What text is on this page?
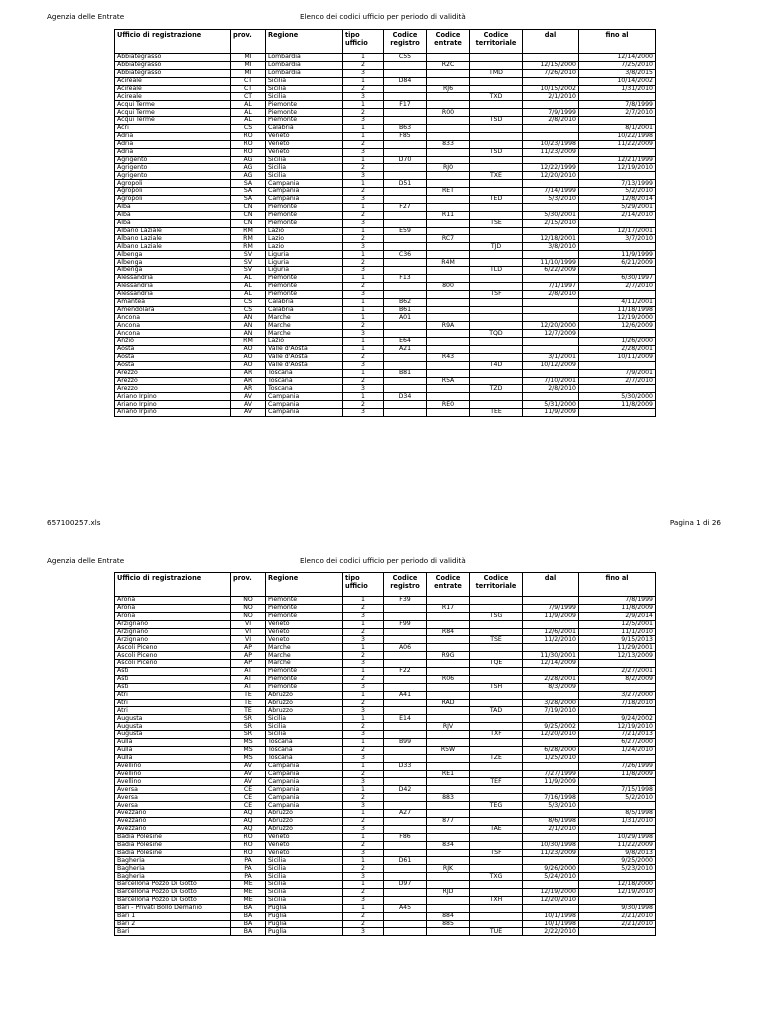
Agenzia delle Entrate	Elenco dei codici ufficio per periodo di validità
Ufficio di registrazione	prov.	Regione	tipo ufficio	Codice registro	Codice entrate	Codice territoriale	dal	fino al
Abbiategrasso	MI	Lombardia	1	C55				12/14/2000
Abbiategrasso	MI	Lombardia	2		R2C		12/15/2000	7/25/2010
Abbiategrasso	MI	Lombardia	3			TMD	7/26/2010	3/8/2015
Acireale	CT	Sicilia	1	D84				10/14/2002
Acireale	CT	Sicilia	2		RJ6		10/15/2002	1/31/2010
Acireale	CT	Sicilia	3			TXD	2/1/2010	
Acqui Terme	AL	Piemonte	1	F17				7/8/1999
Acqui Terme	AL	Piemonte	2		R00		7/9/1999	2/7/2010
Acqui Terme	AL	Piemonte	3			TSD	2/8/2010	
Acri	CS	Calabria	1	B63				8/1/2001
Adria	RO	Veneto	1	F85				10/22/1998
Adria	RO	Veneto	2		833		10/23/1998	11/22/2009
Adria	RO	Veneto	3			TSD	11/23/2009	
Agrigento	AG	Sicilia	1	D70				12/21/1999
Agrigento	AG	Sicilia	2		RJ0		12/22/1999	12/19/2010
Agrigento	AG	Sicilia	3			TXE	12/20/2010	
Agropoli	SA	Campania	1	D51				7/13/1999
Agropoli	SA	Campania	2		RET		7/14/1999	5/2/2010
Agropoli	SA	Campania	3			TED	5/3/2010	12/8/2014
Alba	CN	Piemonte	1	F27				5/29/2001
Alba	CN	Piemonte	2		R11		5/30/2001	2/14/2010
Alba	CN	Piemonte	3			TSE	2/15/2010	
Albano Laziale	RM	Lazio	1	E59				12/17/2001
Albano Laziale	RM	Lazio	2		RC7		12/18/2001	3/7/2010
Albano Laziale	RM	Lazio	3			TJD	3/8/2010	
Albenga	SV	Liguria	1	C36				11/9/1999
Albenga	SV	Liguria	2		R4M		11/10/1999	6/21/2009
Albenga	SV	Liguria	3			TLD	6/22/2009	
Alessandria	AL	Piemonte	1	F13				6/30/1997
Alessandria	AL	Piemonte	2		800		7/1/1997	2/7/2010
Alessandria	AL	Piemonte	3			TSF	2/8/2010	
Amantea	CS	Calabria	1	B62				4/11/2001
Amendolara	CS	Calabria	1	B61				11/18/1998
Ancona	AN	Marche	1	A01				12/19/2000
Ancona	AN	Marche	2		R9A		12/20/2000	12/6/2009
Ancona	AN	Marche	3			TQD	12/7/2009	
Anzio	RM	Lazio	1	E64				1/26/2000
Aosta	AO	Valle d'Aosta	1	A21				2/28/2001
Aosta	AO	Valle d'Aosta	2		R43		3/1/2001	10/11/2009
Aosta	AO	Valle d'Aosta	3			T4D	10/12/2009	
Arezzo	AR	Toscana	1	B81				7/9/2001
Arezzo	AR	Toscana	2		R5A		7/10/2001	2/7/2010
Arezzo	AR	Toscana	3			TZD	2/8/2010	
Ariano Irpino	AV	Campania	1	D34				5/30/2000
Ariano Irpino	AV	Campania	2		RE0		5/31/2000	11/8/2009
Ariano Irpino	AV	Campania	3			TEE	11/9/2009	
657100257.xls	Pagina 1 di 26
Agenzia delle Entrate	Elenco dei codici ufficio per periodo di validità
Ufficio di registrazione	prov.	Regione	tipo ufficio	Codice registro	Codice entrate	Codice territoriale	dal	fino al
Arona	NO	Piemonte	1	F39				7/8/1999
Arona	NO	Piemonte	2		R17		7/9/1999	11/8/2009
Arona	NO	Piemonte	3			TSG	11/9/2009	2/9/2014
Arzignano	VI	Veneto	1	F99				12/5/2001
Arzignano	VI	Veneto	2		R84		12/6/2001	11/1/2010
Arzignano	VI	Veneto	3			TSE	11/2/2010	9/15/2013
Ascoli Piceno	AP	Marche	1	A06				11/29/2001
Ascoli Piceno	AP	Marche	2		R9G		11/30/2001	12/13/2009
Ascoli Piceno	AP	Marche	3			TQE	12/14/2009	
Asti	AT	Piemonte	1	F22				2/27/2001
Asti	AT	Piemonte	2		R06		2/28/2001	8/2/2009
Asti	AT	Piemonte	3			TSH	8/3/2009	
Atri	TE	Abruzzo	1	A41				3/27/2000
Atri	TE	Abruzzo	2		RAD		3/28/2000	7/18/2010
Atri	TE	Abruzzo	3			TAD	7/19/2010	
Augusta	SR	Sicilia	1	E14				9/24/2002
Augusta	SR	Sicilia	2		RJV		9/25/2002	12/19/2010
Augusta	SR	Sicilia	3			TXF	12/20/2010	7/21/2013
Aulla	MS	Toscana	1	B99				6/27/2000
Aulla	MS	Toscana	2		R5W		6/28/2000	1/24/2010
Aulla	MS	Toscana	3			TZE	1/25/2010	
Avellino	AV	Campania	1	D33				7/26/1999
Avellino	AV	Campania	2		RE1		7/27/1999	11/8/2009
Avellino	AV	Campania	3			TEF	11/9/2009	
Aversa	CE	Campania	1	D42				7/15/1998
Aversa	CE	Campania	2		883		7/16/1998	5/2/2010
Aversa	CE	Campania	3			TEG	5/3/2010	
Avezzano	AQ	Abruzzo	1	A27				8/5/1998
Avezzano	AQ	Abruzzo	2		877		8/6/1998	1/31/2010
Avezzano	AQ	Abruzzo	3			TAE	2/1/2010	
Badia Polesine	RO	Veneto	1	F86				10/29/1998
Badia Polesine	RO	Veneto	2		834		10/30/1998	11/22/2009
Badia Polesine	RO	Veneto	3			TSF	11/23/2009	9/8/2013
Bagheria	PA	Sicilia	1	D61				9/25/2000
Bagheria	PA	Sicilia	2		RJK		9/26/2000	5/23/2010
Bagheria	PA	Sicilia	3			TXG	5/24/2010	
Barcellona Pozzo Di Gotto	ME	Sicilia	1	D97				12/18/2000
Barcellona Pozzo Di Gotto	ME	Sicilia	2		RJD		12/19/2000	12/19/2010
Barcellona Pozzo Di Gotto	ME	Sicilia	3			TXH	12/20/2010	
Bari - Privati Bollo Demanio	BA	Puglia	1	A45				9/30/1998
Bari 1	BA	Puglia	2		884		10/1/1998	2/21/2010
Bari 2	BA	Puglia	2		885		10/1/1998	2/21/2010
Bari	BA	Puglia	3			TUE	2/22/2010	
